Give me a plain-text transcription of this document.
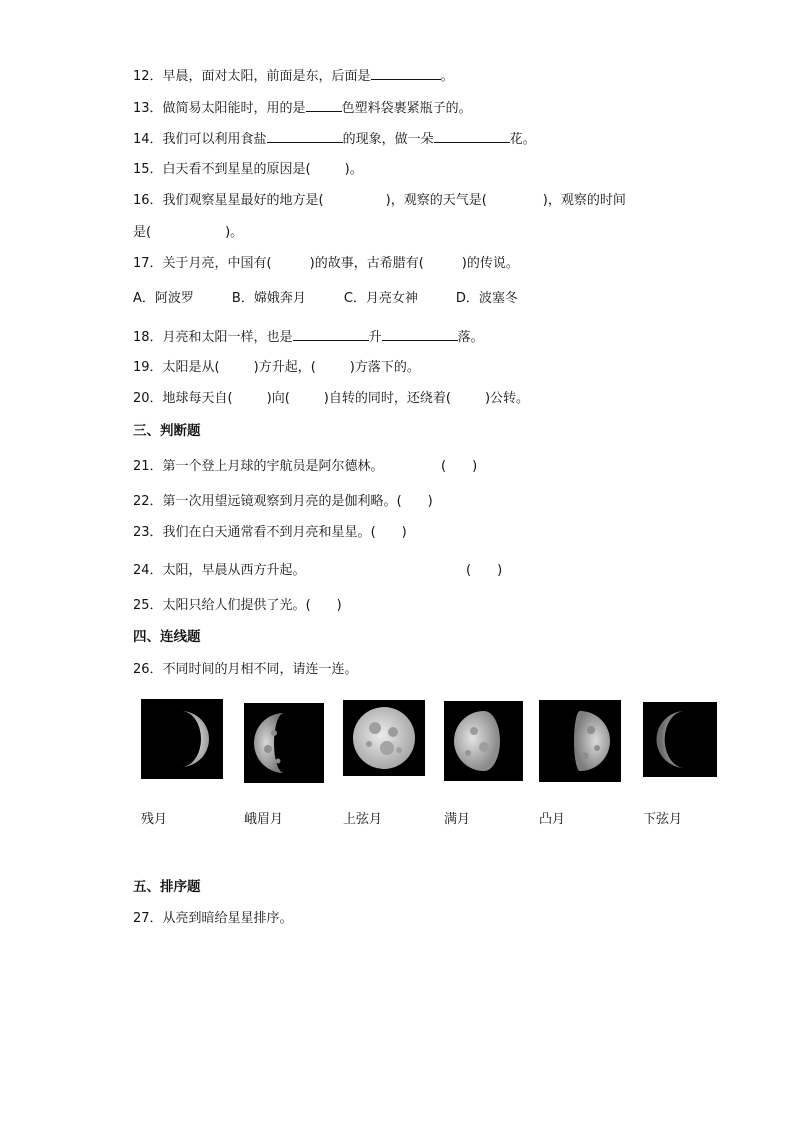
12．早晨，面对太阳，前面是东，后面是	。
13．做简易太阳能时，用的是	色塑料袋裹紧瓶子的。
14．我们可以利用食盐	的现象，做一朵	花。
15．白天看不到星星的原因是(	)。
16．我们观察星星最好的地方是(	)，观察的天气是(	)，观察的时间
是(	)。
17．关于月亮，中国有(	)的故事，古希腊有(	)的传说。
A．阿波罗	B．嫦娥奔月	C．月亮女神	D．波塞冬
18．月亮和太阳一样，也是	升	落。
19．太阳是从(	)方升起，(	)方落下的。
20．地球每天自(	)向(	)自转的同时，还绕着(	)公转。
三、判断题
21．第一个登上月球的宇航员是阿尔德林。	(　　)
22．第一次用望远镜观察到月亮的是伽利略。(　　)
23．我们在白天通常看不到月亮和星星。(　　)
24．太阳，早晨从西方升起。	(　　)
25．太阳只给人们提供了光。(　　)
四、连线题
26．不同时间的月相不同，请连一连。
残月	峨眉月	上弦月	满月	凸月	下弦月
五、排序题
27．从亮到暗给星星排序。
